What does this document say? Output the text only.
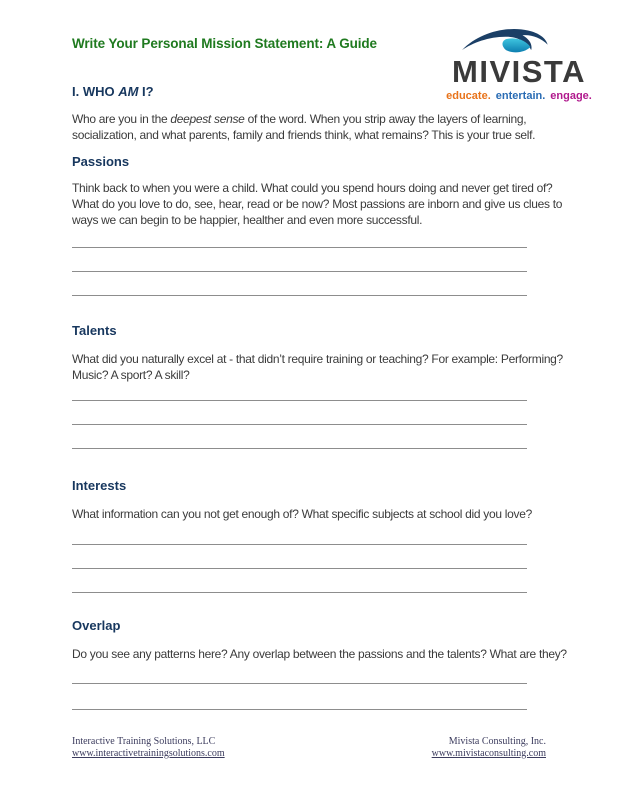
Write Your Personal Mission Statement: A Guide
MIVISTA
educate. entertain. engage.
I. WHO AM I?

Who are you in the deepest sense of the word. When you strip away the layers of learning, socialization, and what parents, family and friends think, what remains? This is your true self.

Passions

Think back to when you were a child. What could you spend hours doing and never get tired of? What do you love to do, see, hear, read or be now? Most passions are inborn and give us clues to ways we can begin to be happier, healther and even more successful.

Talents

What did you naturally excel at - that didn’t require training or teaching? For example: Performing? Music? A sport? A skill?

Interests

What information can you not get enough of? What specific subjects at school did you love?

Overlap

Do you see any patterns here? Any overlap between the passions and the talents? What are they?

Interactive Training Solutions, LLC
www.interactivetrainingsolutions.com
Mivista Consulting, Inc.
www.mivistaconsulting.com
